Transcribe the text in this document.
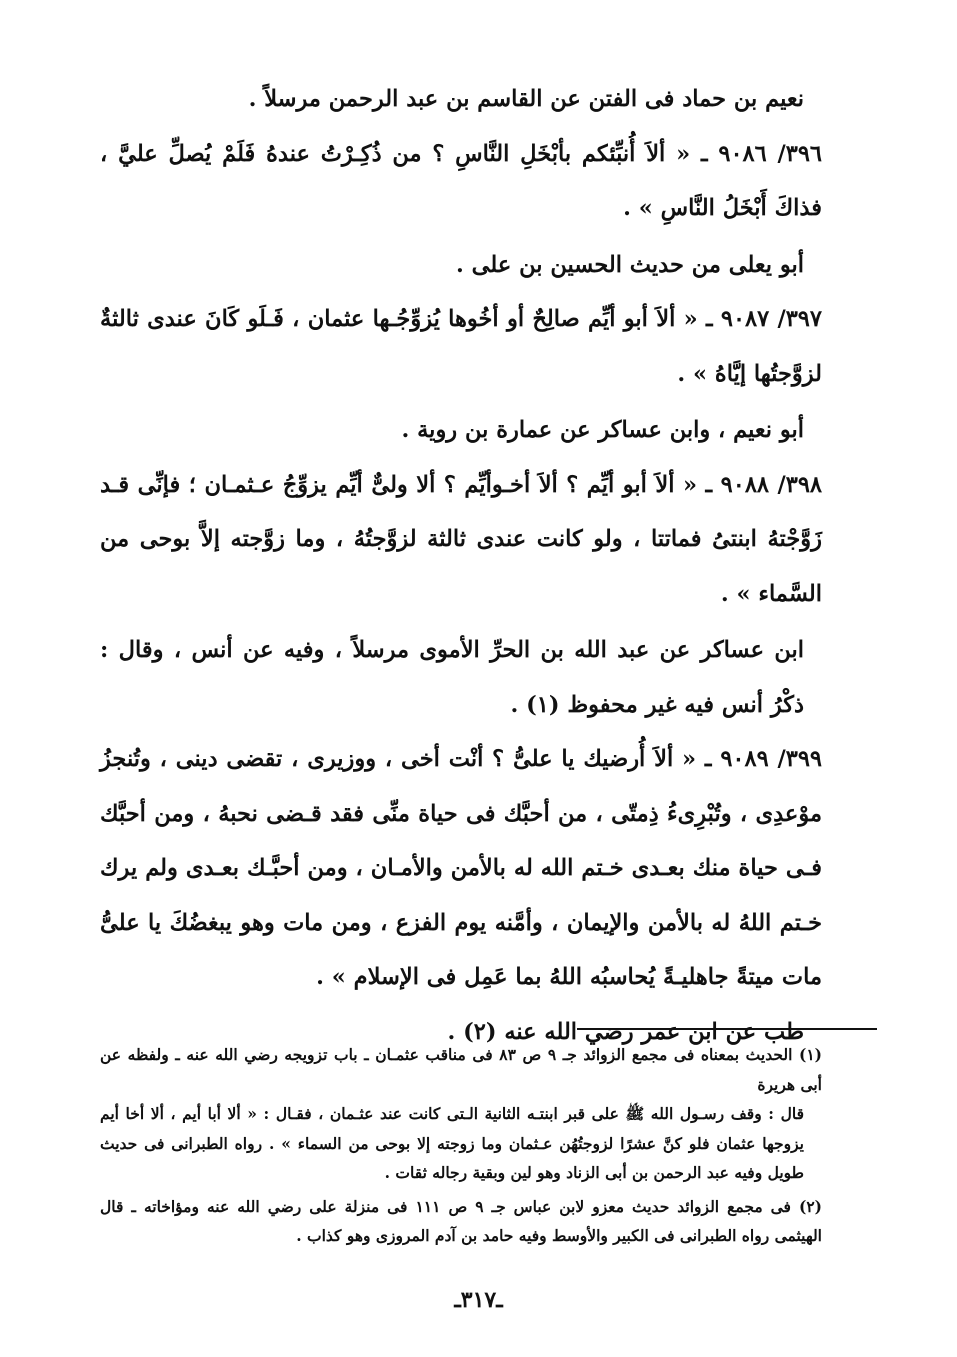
نعيم بن حماد فى الفتن عن القاسم بن عبد الرحمن مرسلاً .

٣٩٦/ ٩٠٨٦ ـ « ألاَ أُنبِّئكم بأبْخَلِ النَّاسِ ؟ من ذُكِـرْتُ عندهُ فَلَمْ يُصلِّ عليَّ ، فذاكَ أَبْخَلُ النَّاسِ » .

أبو يعلى من حديث الحسين بن على .

٣٩٧/ ٩٠٨٧ ـ « ألاَ أبو أيِّم صالِحٌ أو أخُوها يُزوِّجُـها عثمان ، فَـلَو كَانَ عندى ثالثةٌ لزوَّجتُها إيَّاهُ » .

أبو نعيم ، وابن عساكر عن عمارة بن روية .

٣٩٨/ ٩٠٨٨ ـ « ألاَ أبو أيِّم ؟ ألاَ أخـوأيِّم ؟ ألا ولىٌّ أيِّم يزوِّجُ عـثمـان ؛ فإنِّى قـد زَوَّجْتهُ ابنتىُ فماتتا ، ولو كانت عندى ثالثة لزوَّجتُهُ ، وما زوَّجته إلاَّ بوحى من السَّماء » .

ابن عساكر عن عبد الله بن الحرِّ الأموى مرسلاً ، وفيه عن أنس ، وقال : ذكْرُ أنس فيه غير محفوظ (١) .

٣٩٩/ ٩٠٨٩ ـ « ألاَ أُرضيك يا علىُّ ؟ أنْت أخى ، ووزيرى ، تقضى دينى ، وتُنجزُ موْعدِى ، وتُبْرِىءُ ذِمتّى ، من أحبَّك فى حياة منِّى فقد قـضى نحبهُ ، ومن أحبَّك فـى حياة منك بعـدى خـتم الله له بالأمن والأمـان ، ومن أحبَّـك بعـدى ولم يرك خـتم اللهُ له بالأمن والإيمان ، وأمَّنه يوم الفزع ، ومن مات وهو يبغضُكَ يا علىُّ مات ميتةً جاهليـةً يُحاسبُه اللهُ بما عَمِل فى الإسلام » .

طب عن ابن عمر رضي الله عنه (٢) .

(١) الحديث بمعناه فى مجمع الزوائد جـ ٩ ص ٨٣ فى مناقب عثمـان ـ باب تزويجه رضي الله عنه ـ ولفظه عن أبى هريرة

قال : وقف رسـول الله ﷺ على قبر ابنتـه الثانية الـتى كانت عند عثـمان ، فقـال : « ألا أبا أيم ، ألا أخا أيم يزوجها عثمان فلو كنَّ عشرًا لزوجتُهُن عـثمان وما زوجته إلا بوحى من السماء » . رواه الطبرانى فى حديث طويل وفيه عبد الرحمن بن أبى الزناد وهو لين وبقية رجاله ثقات .

(٢) فى مجمع الزوائد حديث معزو لابن عباس جـ ٩ ص ١١١ فى منزلة على رضي الله عنه ومؤاخاته ـ قال الهيثمى رواه الطبرانى فى الكبير والأوسط وفيه حامد بن آدم المروزى وهو كذاب .

ـ٣١٧ـ
